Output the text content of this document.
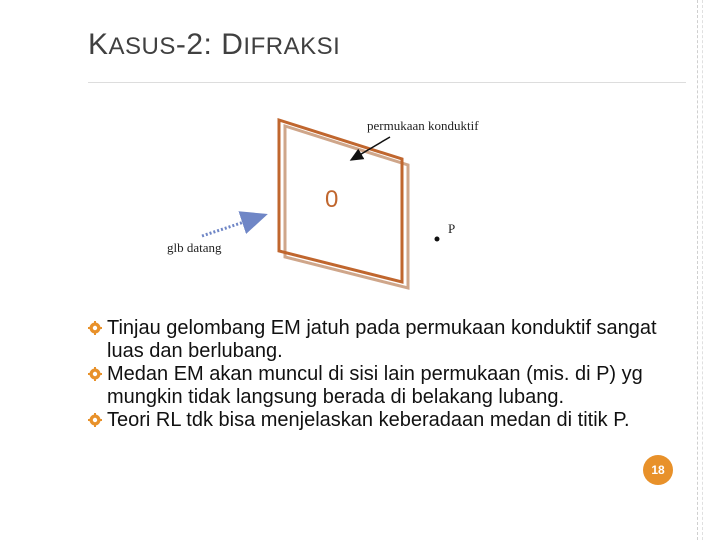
KASUS-2: DIFRAKSI
permukaan konduktif
glb datang
P
0
Tinjau gelombang EM jatuh pada permukaan konduktif sangat luas dan berlubang.
Medan EM akan muncul di sisi lain permukaan (mis. di P) yg mungkin tidak langsung berada di belakang lubang.
Teori RL tdk bisa menjelaskan keberadaan medan di titik P.
18
